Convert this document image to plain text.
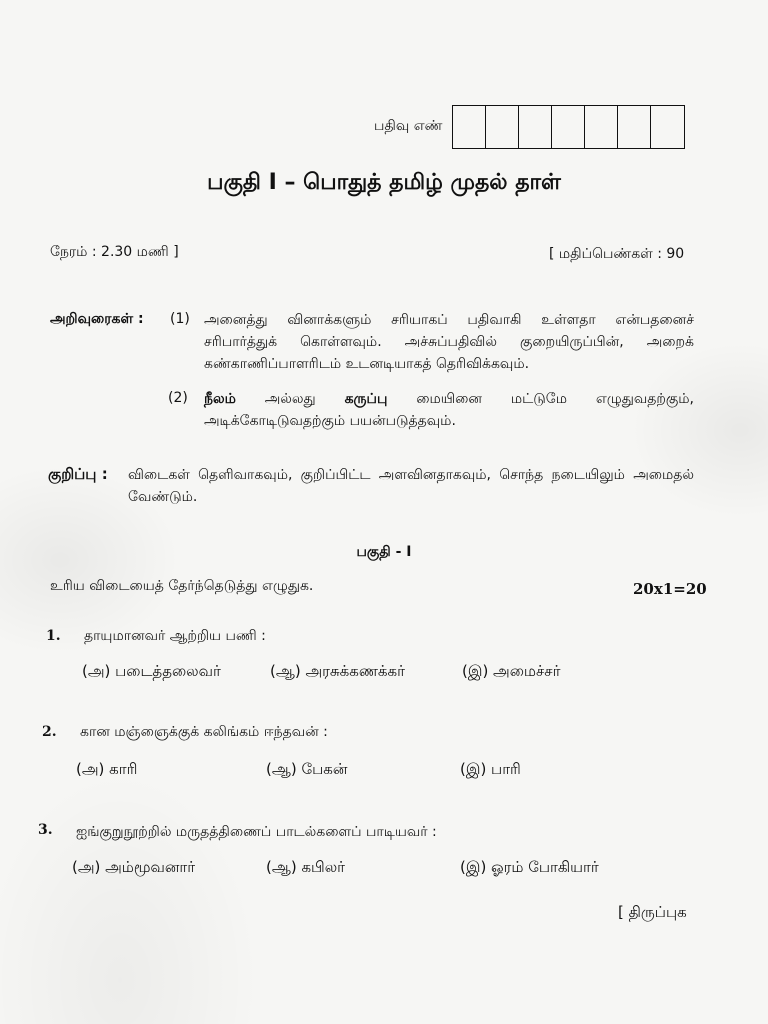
பதிவு எண்
பகுதி I – பொதுத் தமிழ் முதல் தாள்
நேரம் : 2.30 மணி ]	[ மதிப்பெண்கள் : 90
அறிவுரைகள் : (1) அனைத்து வினாக்களும் சரியாகப் பதிவாகி உள்ளதா என்பதனைச் சரிபார்த்துக் கொள்ளவும். அச்சுப்பதிவில் குறையிருப்பின், அறைக் கண்காணிப்பாளரிடம் உடனடியாகத் தெரிவிக்கவும்.
(2) நீலம் அல்லது கருப்பு மையினை மட்டுமே எழுதுவதற்கும், அடிக்கோடிடுவதற்கும் பயன்படுத்தவும்.
குறிப்பு : விடைகள் தெளிவாகவும், குறிப்பிட்ட அளவினதாகவும், சொந்த நடையிலும் அமைதல் வேண்டும்.
பகுதி - I
உரிய விடையைத் தேர்ந்தெடுத்து எழுதுக.	20x1=20
1. தாயுமானவர் ஆற்றிய பணி :
(அ) படைத்தலைவர்	(ஆ) அரசுக்கணக்கர்	(இ) அமைச்சர்
2. கான மஞ்ஞைக்குக் கலிங்கம் ஈந்தவன் :
(அ) காரி	(ஆ) பேகன்	(இ) பாரி
3. ஐங்குறுநூற்றில் மருதத்திணைப் பாடல்களைப் பாடியவர் :
(அ) அம்மூவனார்	(ஆ) கபிலர்	(இ) ஓரம் போகியார்
[ திருப்புக
